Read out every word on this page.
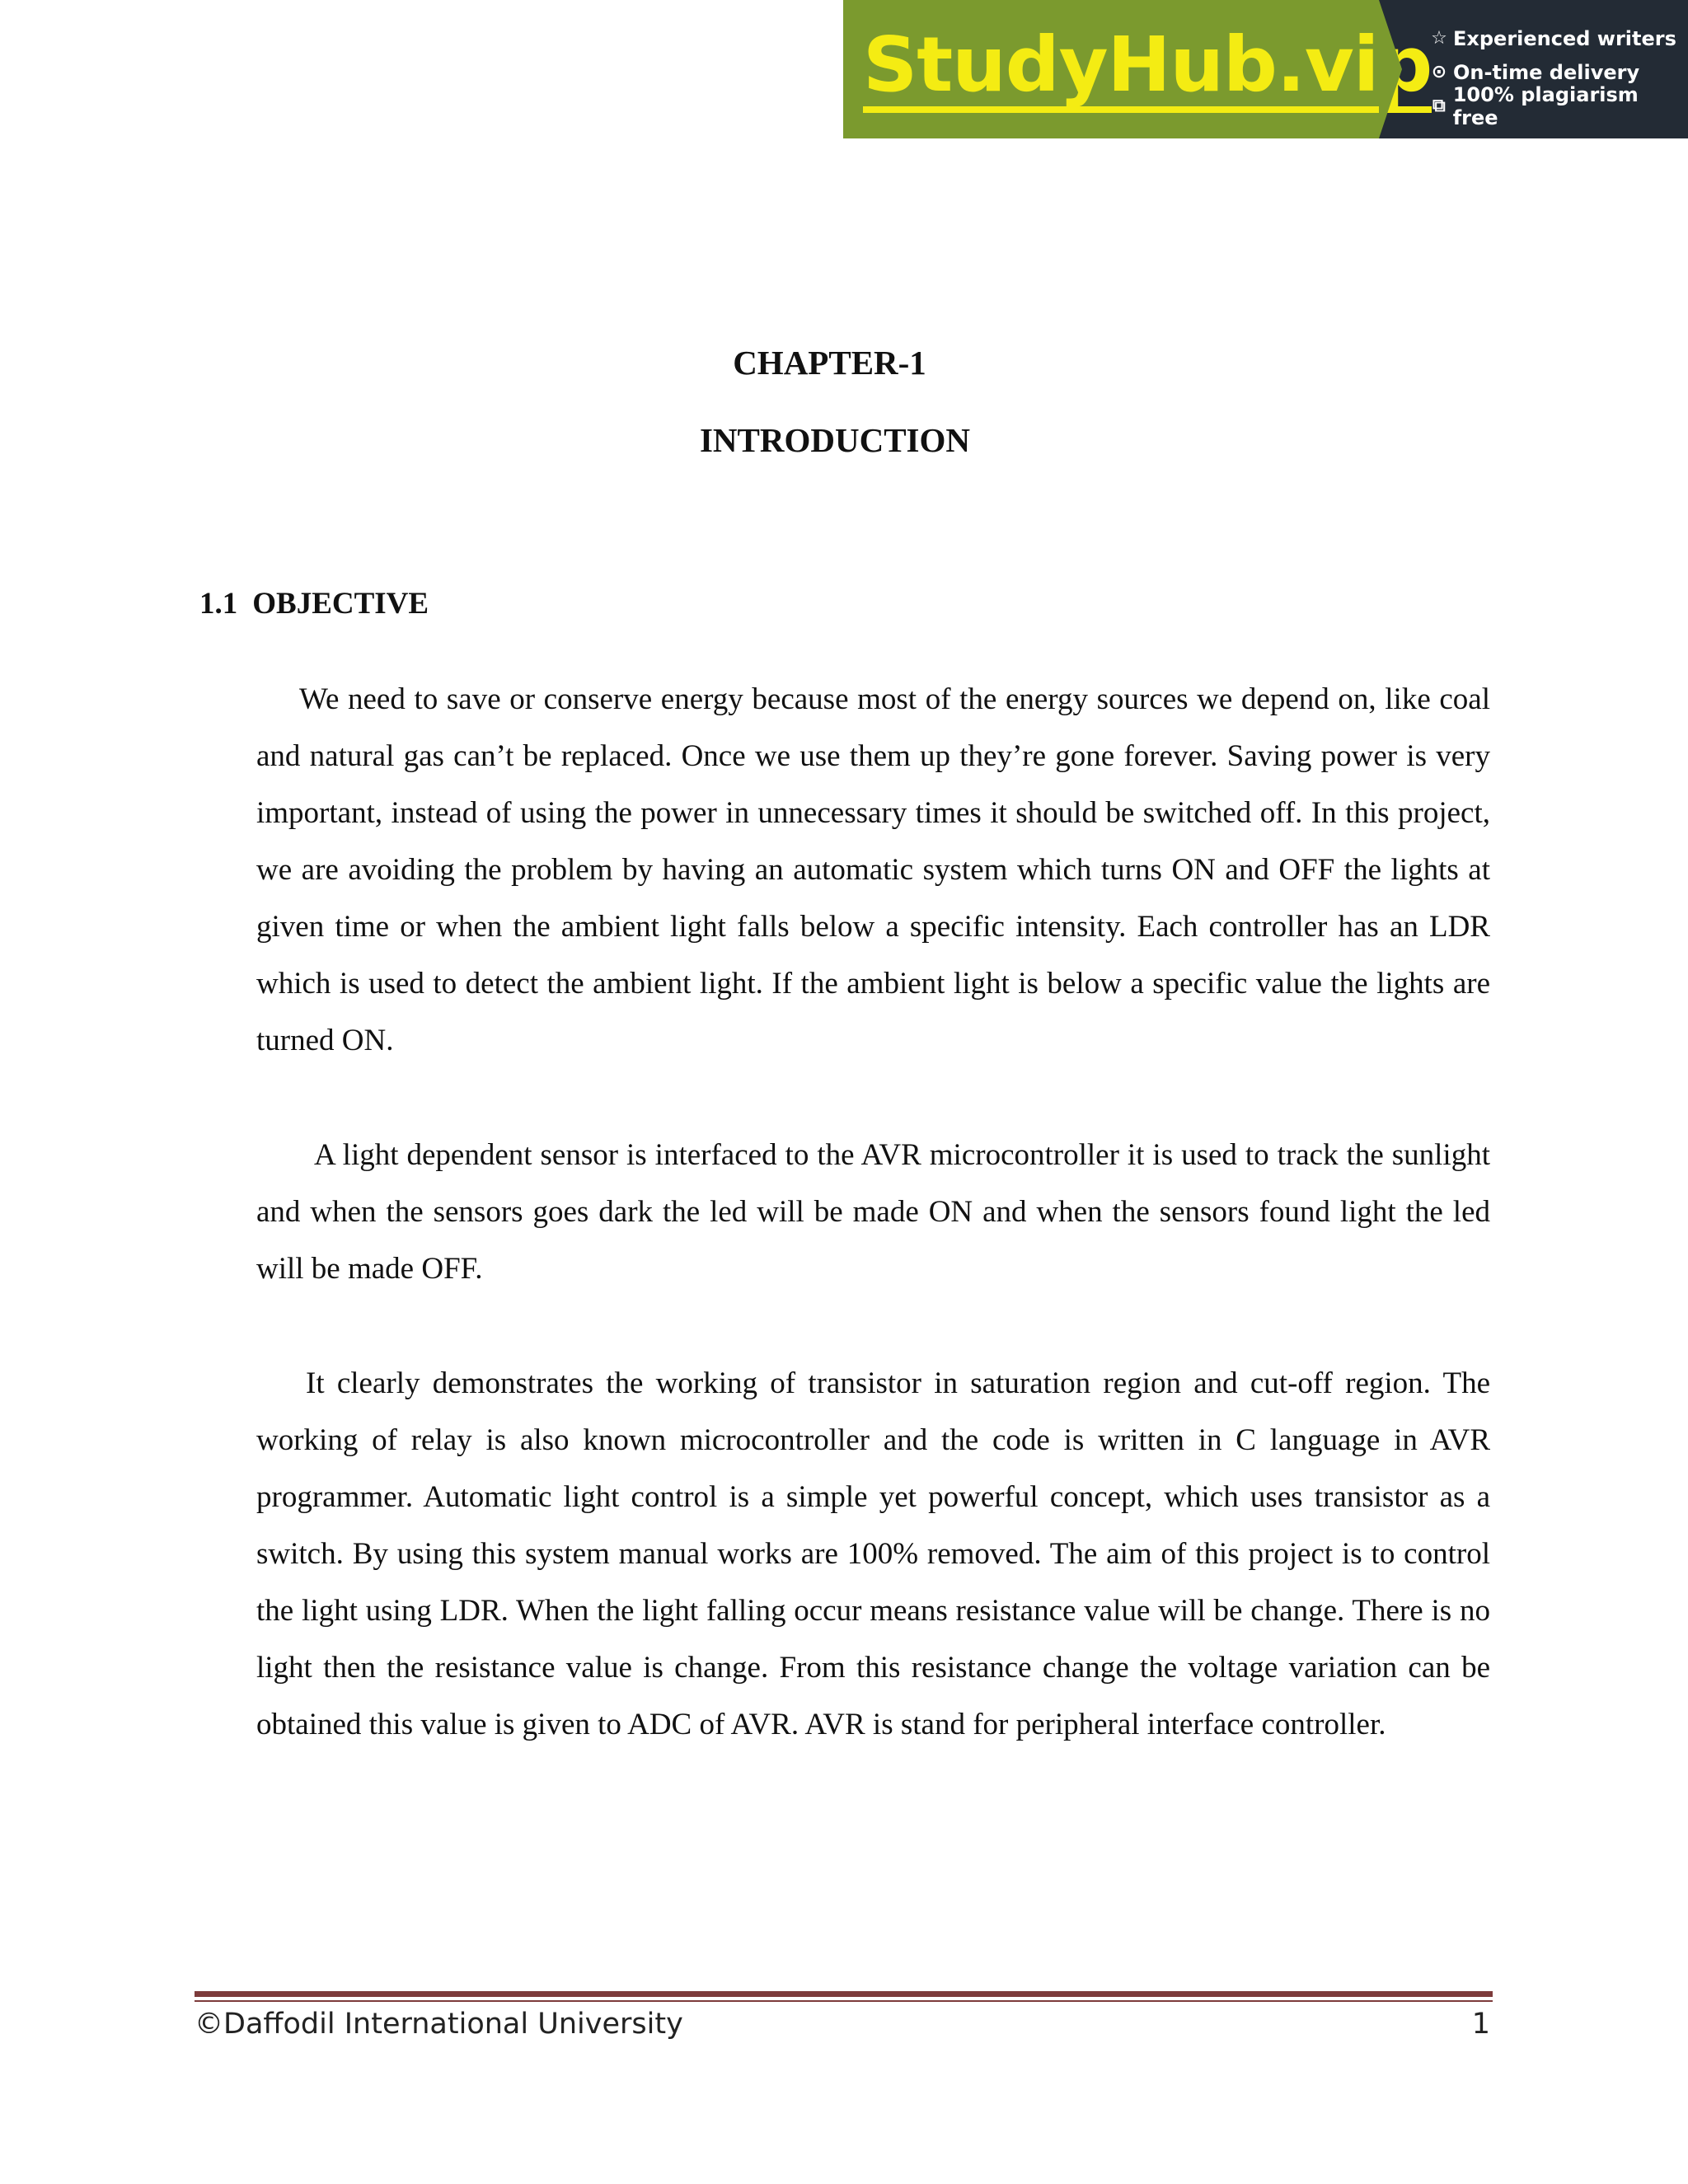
StudyHub.vip
☆ Experienced writers
⊙ On-time delivery
⧉ 100% plagiarism free
CHAPTER-1
INTRODUCTION
1.1 OBJECTIVE

We need to save or conserve energy because most of the energy sources we depend on, like coal and natural gas can’t be replaced. Once we use them up they’re gone forever. Saving power is very important, instead of using the power in unnecessary times it should be switched off. In this project, we are avoiding the problem by having an automatic system which turns ON and OFF the lights at given time or when the ambient light falls below a specific intensity. Each controller has an LDR which is used to detect the ambient light. If the ambient light is below a specific value the lights are turned ON.

A light dependent sensor is interfaced to the AVR microcontroller it is used to track the sunlight and when the sensors goes dark the led will be made ON and when the sensors found light the led will be made OFF.

It clearly demonstrates the working of transistor in saturation region and cut-off region. The working of relay is also known microcontroller and the code is written in C language in AVR programmer. Automatic light control is a simple yet powerful concept, which uses transistor as a switch. By using this system manual works are 100% removed. The aim of this project is to control the light using LDR. When the light falling occur means resistance value will be change. There is no light then the resistance value is change. From this resistance change the voltage variation can be obtained this value is given to ADC of AVR. AVR is stand for peripheral interface controller.

©Daffodil International University	1
